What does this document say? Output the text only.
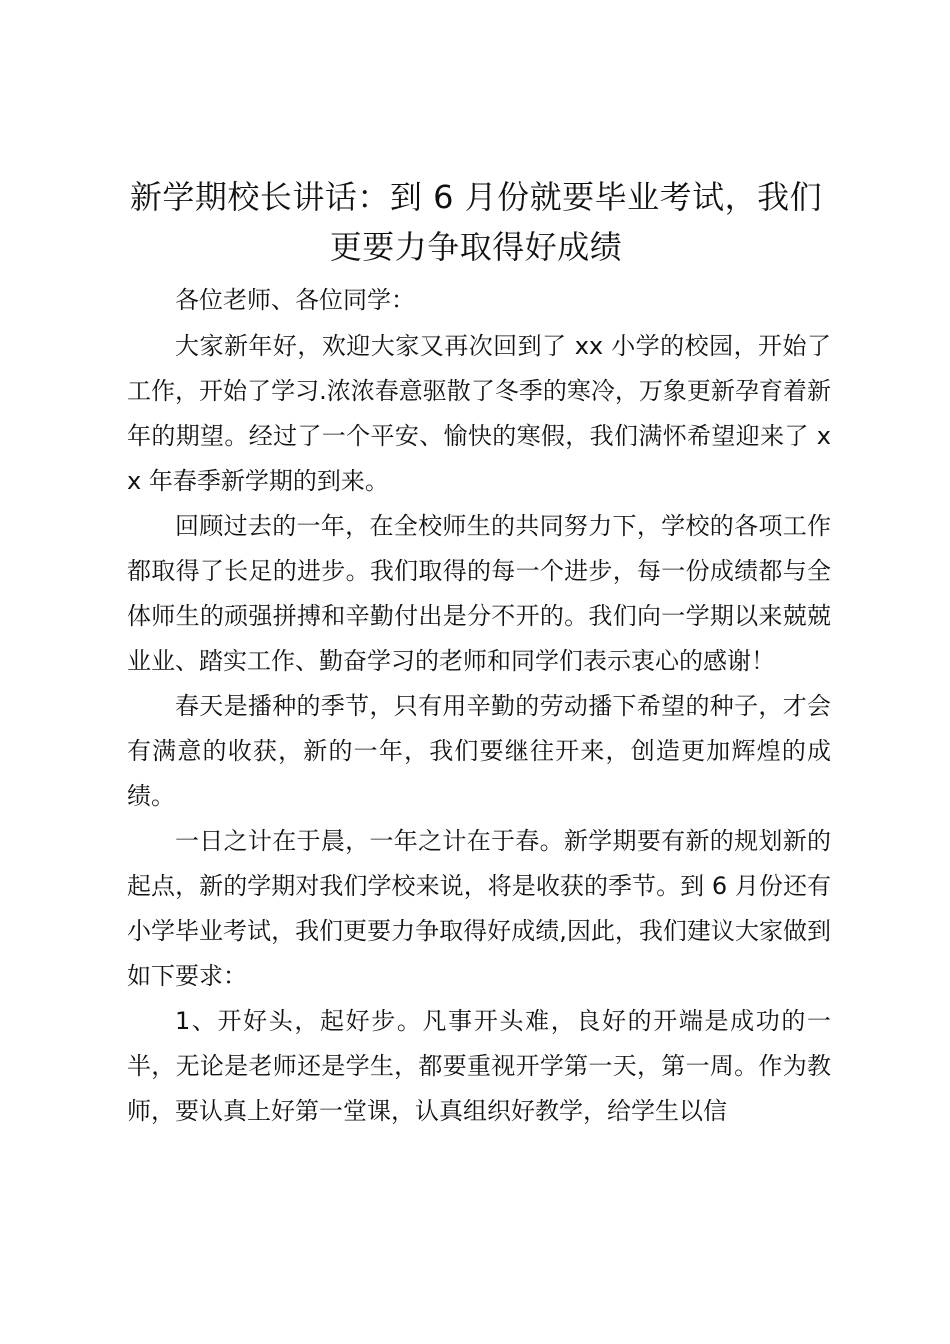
新学期校长讲话：到 6 月份就要毕业考试，我们更要力争取得好成绩

各位老师、各位同学：

大家新年好，欢迎大家又再次回到了 xx 小学的校园，开始了工作，开始了学习.浓浓春意驱散了冬季的寒冷，万象更新孕育着新年的期望。经过了一个平安、愉快的寒假，我们满怀希望迎来了 xx 年春季新学期的到来。

回顾过去的一年，在全校师生的共同努力下，学校的各项工作都取得了长足的进步。我们取得的每一个进步，每一份成绩都与全体师生的顽强拼搏和辛勤付出是分不开的。我们向一学期以来兢兢业业、踏实工作、勤奋学习的老师和同学们表示衷心的感谢！

春天是播种的季节，只有用辛勤的劳动播下希望的种子，才会有满意的收获，新的一年，我们要继往开来，创造更加辉煌的成绩。

一日之计在于晨，一年之计在于春。新学期要有新的规划新的起点，新的学期对我们学校来说，将是收获的季节。到 6 月份还有小学毕业考试，我们更要力争取得好成绩,因此，我们建议大家做到如下要求：

1、开好头，起好步。凡事开头难，良好的开端是成功的一半，无论是老师还是学生，都要重视开学第一天，第一周。作为教师，要认真上好第一堂课，认真组织好教学，给学生以信
